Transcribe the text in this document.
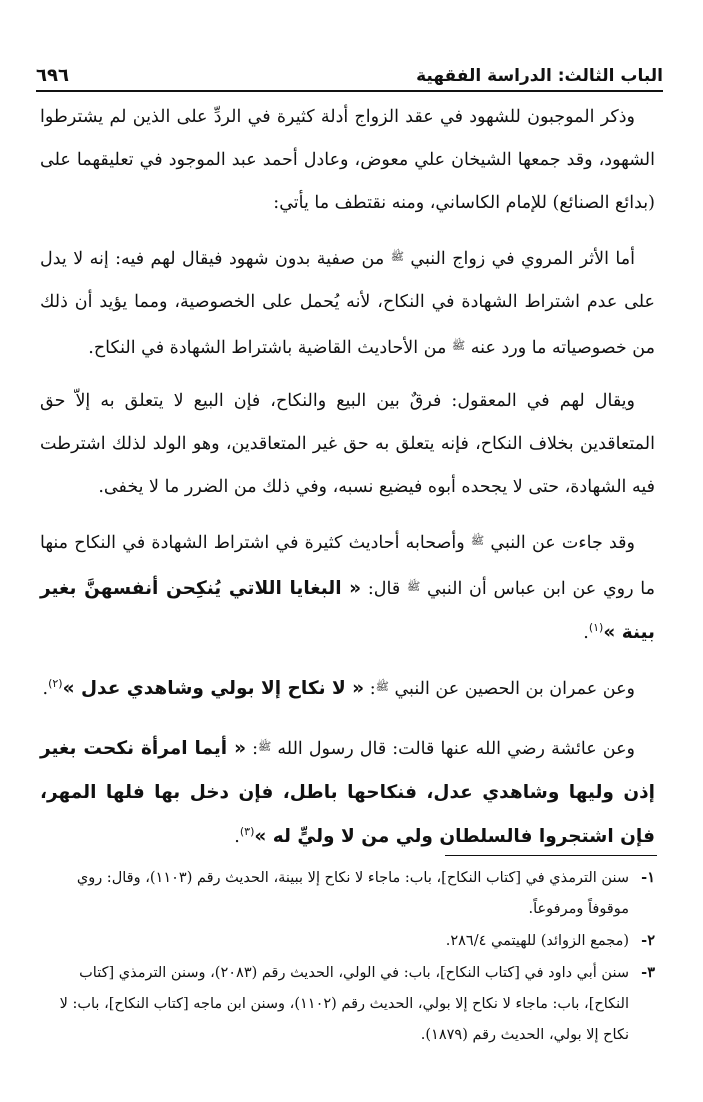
الباب الثالث: الدراسة الفقهية
٦٩٦

وذكر الموجبون للشهود في عقد الزواج أدلة كثيرة في الردِّ على الذين لم يشترطوا الشهود، وقد جمعها الشيخان علي معوض، وعادل أحمد عبد الموجود في تعليقهما على (بدائع الصنائع) للإمام الكاساني، ومنه نقتطف ما يأتي:

أما الأثر المروي في زواج النبي $^ﷺ$ من صفية بدون شهود فيقال لهم فيه: إنه لا يدل على عدم اشتراط الشهادة في النكاح، لأنه يُحمل على الخصوصية، ومما يؤيد أن ذلك من خصوصياته ما ورد عنه $^ﷺ$ من الأحاديث القاضية باشتراط الشهادة في النكاح.

ويقال لهم في المعقول: فرقٌ بين البيع والنكاح، فإن البيع لا يتعلق به إلاّ حق المتعاقدين بخلاف النكاح، فإنه يتعلق به حق غير المتعاقدين، وهو الولد لذلك اشترطت فيه الشهادة، حتى لا يجحده أبوه فيضيع نسبه، وفي ذلك من الضرر ما لا يخفى.

وقد جاءت عن النبي $^ﷺ$ وأصحابه أحاديث كثيرة في اشتراط الشهادة في النكاح منها ما روي عن ابن عباس أن النبي $^ﷺ$ قال: « البغايا اللاتي يُنكِحن أنفسهنَّ بغير بينة »$^{(١)}$.

وعن عمران بن الحصين عن النبي $^ﷺ$: « لا نكاح إلا بولي وشاهدي عدل »$^{(٢)}$.

وعن عائشة رضي الله عنها قالت: قال رسول الله $^ﷺ$: « أيما امرأة نكحت بغير إذن وليها وشاهدي عدل، فنكاحها باطل، فإن دخل بها فلها المهر، فإن اشتجروا فالسلطان ولي من لا وليٍّ له »$^{(٣)}$.

١-سنن الترمذي في [كتاب النكاح]، باب: ماجاء لا نكاح إلا ببينة، الحديث رقم (١١٠٣)، وقال: روي موقوفاً ومرفوعاً.

٢-(مجمع الزوائد) للهيتمي ٢٨٦/٤.

٣-سنن أبي داود في [كتاب النكاح]، باب: في الولي، الحديث رقم (٢٠٨٣)، وسنن الترمذي [كتاب النكاح]، باب: ماجاء لا نكاح إلا بولي، الحديث رقم (١١٠٢)، وسنن ابن ماجه [كتاب النكاح]، باب: لا نكاح إلا بولي، الحديث رقم (١٨٧٩).
